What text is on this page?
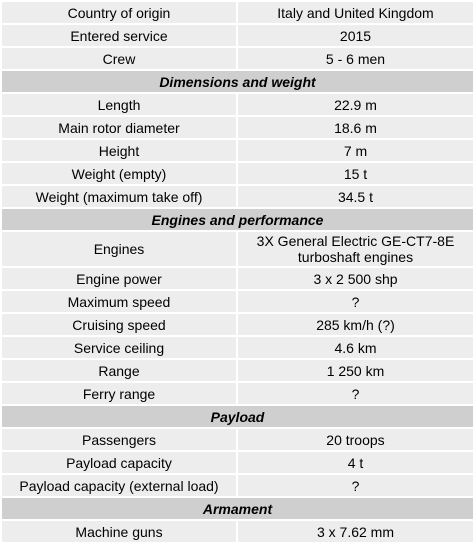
Country of origin	Italy and United Kingdom
Entered service	2015
Crew	5 - 6 men
Dimensions and weight	
Length	22.9 m
Main rotor diameter	18.6 m
Height	7 m
Weight (empty)	15 t
Weight (maximum take off)	34.5 t
Engines and performance	
Engines	3X General Electric GE-CT7-8E turboshaft engines
Engine power	3 x 2 500 shp
Maximum speed	?
Cruising speed	285 km/h (?)
Service ceiling	4.6 km
Range	1 250 km
Ferry range	?
Payload	
Passengers	20 troops
Payload capacity	4 t
Payload capacity (external load)	?
Armament	
Machine guns	3 x 7.62 mm
